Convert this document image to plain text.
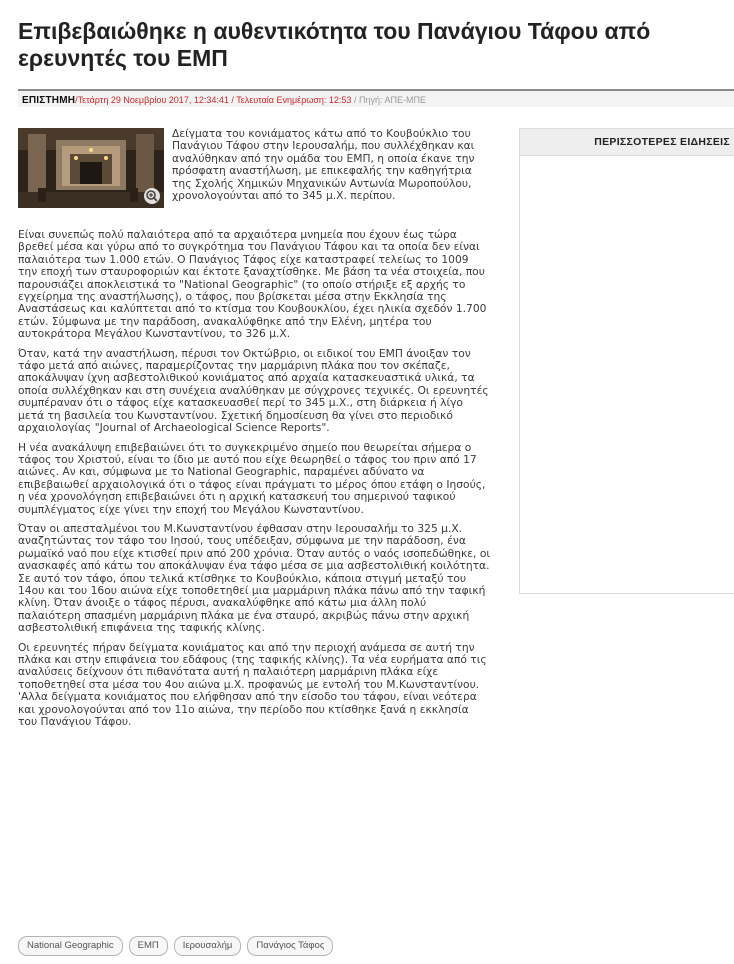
Επιβεβαιώθηκε η αυθεντικότητα του Πανάγιου Τάφου από ερευνητές του ΕΜΠ
ΕΠΙΣΤΗΜΗ/Τετάρτη 29 Νοεμβρίου 2017, 12:34:41 / Τελευταία Ενημέρωση: 12:53 / Πηγή: ΑΠΕ-ΜΠΕ

Δείγματα του κονιάματος κάτω από το Κουβούκλιο του Πανάγιου Τάφου στην Ιερουσαλήμ, που συλλέχθηκαν και αναλύθηκαν από την ομάδα του ΕΜΠ, η οποία έκανε την πρόσφατη αναστήλωση, με επικεφαλής την καθηγήτρια της Σχολής Χημικών Μηχανικών Αντωνία Μωροπούλου, χρονολογούνται από το 345 μ.Χ. περίπου.

Είναι συνεπώς πολύ παλαιότερα από τα αρχαιότερα μνημεία που έχουν έως τώρα βρεθεί μέσα και γύρω από το συγκρότημα του Πανάγιου Τάφου και τα οποία δεν είναι παλαιότερα των 1.000 ετών. Ο Πανάγιος Τάφος είχε καταστραφεί τελείως το 1009 την εποχή των σταυροφοριών και έκτοτε ξαναχτίσθηκε. Με βάση τα νέα στοιχεία, που παρουσιάζει αποκλειστικά το "National Geographic" (το οποίο στήριξε εξ αρχής το εγχείρημα της αναστήλωσης), ο τάφος, που βρίσκεται μέσα στην Εκκλησία της Αναστάσεως και καλύπτεται από το κτίσμα του Κουβουκλίου, έχει ηλικία σχεδόν 1.700 ετών. Σύμφωνα με την παράδοση, ανακαλύφθηκε από την Ελένη, μητέρα του αυτοκράτορα Μεγάλου Κωνσταντίνου, το 326 μ.Χ.

Όταν, κατά την αναστήλωση, πέρυσι τον Οκτώβριο, οι ειδικοί του ΕΜΠ άνοιξαν τον τάφο μετά από αιώνες, παραμερίζοντας την μαρμάρινη πλάκα που τον σκέπαζε, αποκάλυψαν ίχνη ασβεστολιθικού κονιάματος από αρχαία κατασκευαστικά υλικά, τα οποία συλλέχθηκαν και στη συνέχεια αναλύθηκαν με σύγχρονες τεχνικές. Οι ερευνητές συμπέραναν ότι ο τάφος είχε κατασκευασθεί περί το 345 μ.Χ., στη διάρκεια ή λίγο μετά τη βασιλεία του Κωνσταντίνου. Σχετική δημοσίευση θα γίνει στο περιοδικό αρχαιολογίας "Journal of Archaeological Science Reports".

Η νέα ανακάλυψη επιβεβαιώνει ότι το συγκεκριμένο σημείο που θεωρείται σήμερα ο τάφος του Χριστού, είναι το ίδιο με αυτό που είχε θεωρηθεί ο τάφος του πριν από 17 αιώνες. Αν και, σύμφωνα με το National Geographic, παραμένει αδύνατο να επιβεβαιωθεί αρχαιολογικά ότι ο τάφος είναι πράγματι το μέρος όπου ετάφη ο Ιησούς, η νέα χρονολόγηση επιβεβαιώνει ότι η αρχική κατασκευή του σημερινού ταφικού συμπλέγματος είχε γίνει την εποχή του Μεγάλου Κωνσταντίνου.

Όταν οι απεσταλμένοι του Μ.Κωνσταντίνου έφθασαν στην Ιερουσαλήμ το 325 μ.Χ. αναζητώντας τον τάφο του Ιησού, τους υπέδειξαν, σύμφωνα με την παράδοση, ένα ρωμαϊκό ναό που είχε κτισθεί πριν από 200 χρόνια. Όταν αυτός ο ναός ισοπεδώθηκε, οι ανασκαφές από κάτω του αποκάλυψαν ένα τάφο μέσα σε μια ασβεστολιθική κοιλότητα. Σε αυτό τον τάφο, όπου τελικά κτίσθηκε το Κουβούκλιο, κάποια στιγμή μεταξύ του 14ου και του 16ου αιώνα είχε τοποθετηθεί μια μαρμάρινη πλάκα πάνω από την ταφική κλίνη. Όταν άνοιξε ο τάφος πέρυσι, ανακαλύφθηκε από κάτω μια άλλη πολύ παλαιότερη σπασμένη μαρμάρινη πλάκα με ένα σταυρό, ακριβώς πάνω στην αρχική ασβεστολιθική επιφάνεια της ταφικής κλίνης.

Οι ερευνητές πήραν δείγματα κονιάματος και από την περιοχή ανάμεσα σε αυτή την πλάκα και στην επιφάνεια του εδάφους (της ταφικής κλίνης). Τα νέα ευρήματα από τις αναλύσεις δείχνουν ότι πιθανότατα αυτή η παλαιότερη μαρμάρινη πλάκα είχε τοποθετηθεί στα μέσα του 4ου αιώνα μ.Χ. προφανώς με εντολή του Μ.Κωνσταντίνου. 'Αλλα δείγματα κονιάματος που ελήφθησαν από την είσοδο του τάφου, είναι νεότερα και χρονολογούνται από τον 11ο αιώνα, την περίοδο που κτίσθηκε ξανά η εκκλησία του Πανάγιου Τάφου.

ΠΕΡΙΣΣΟΤΕΡΕΣ ΕΙΔΗΣΕΙΣ
National Geographic	ΕΜΠ	Ιερουσαλήμ	Πανάγιος Τάφος
